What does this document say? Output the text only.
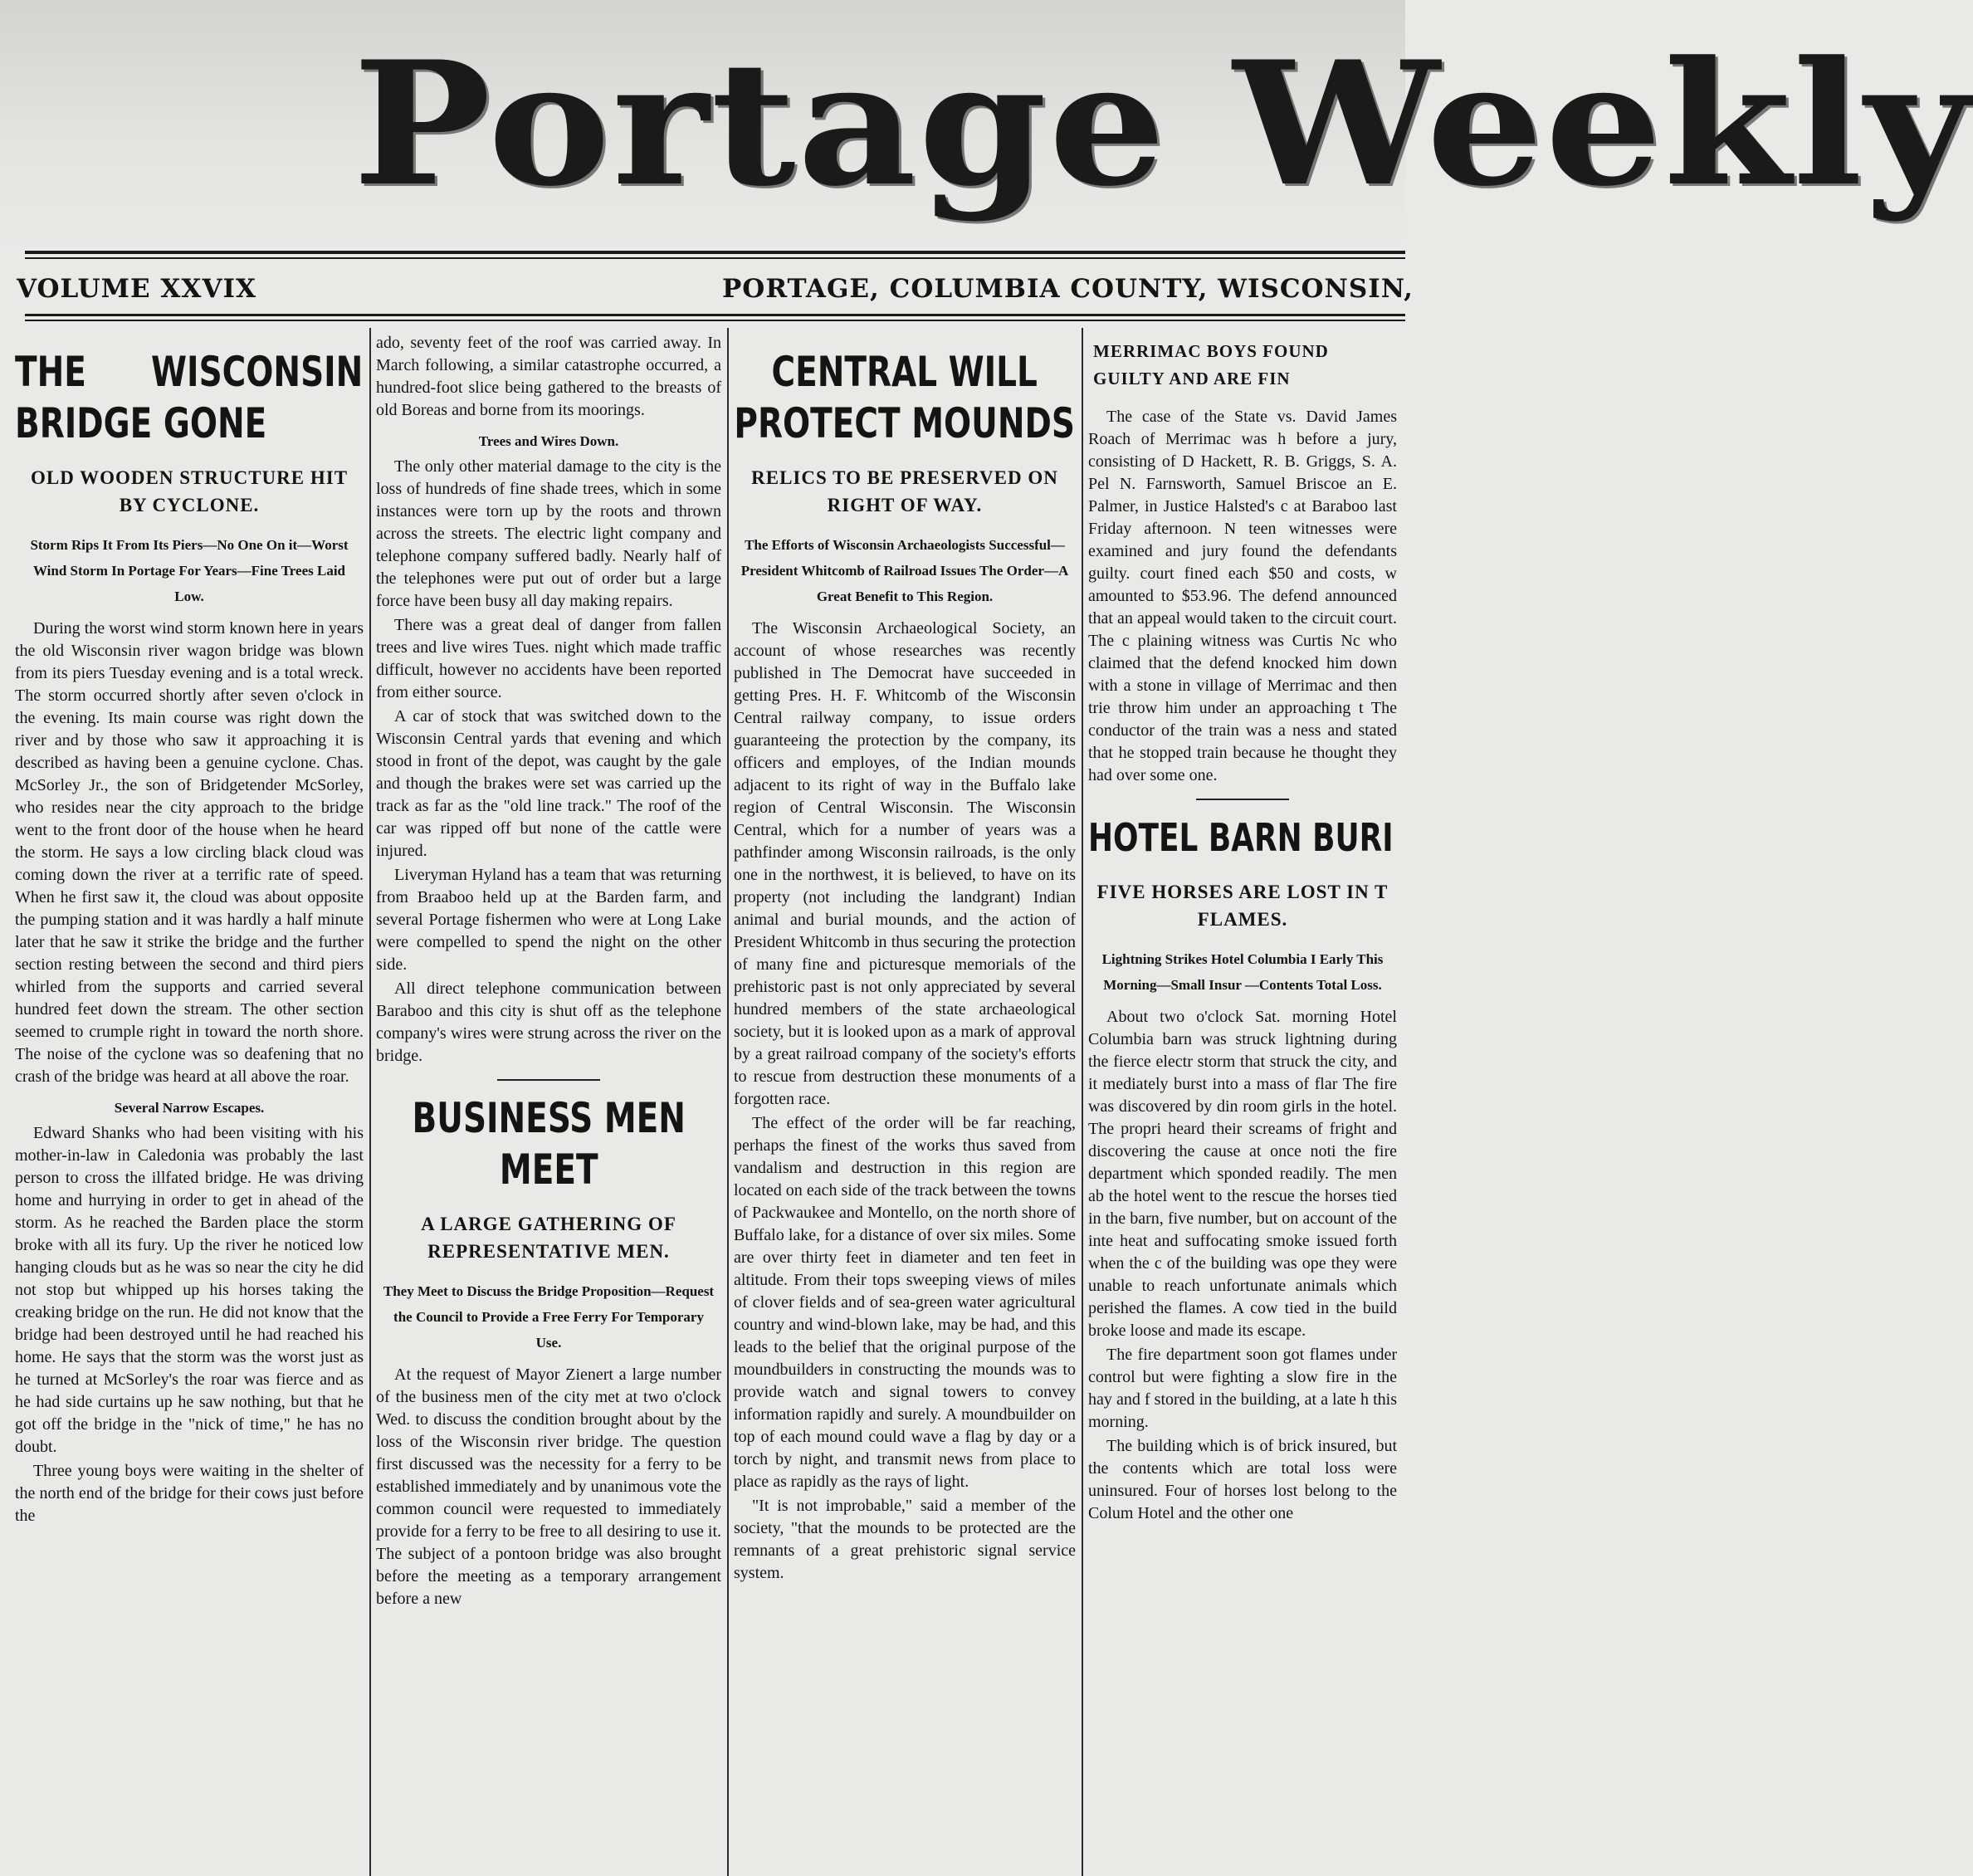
Portage Weekly
VOLUME XXVIX	PORTAGE, COLUMBIA COUNTY, WISCONSIN,
THE WISCONSIN BRIDGE GONE
OLD WOODEN STRUCTURE HIT BY CYCLONE.
Storm Rips It From Its Piers—No One On it—Worst Wind Storm In Portage For Years—Fine Trees Laid Low.

During the worst wind storm known here in years the old Wisconsin river wagon bridge was blown from its piers Tuesday evening and is a total wreck. The storm occurred shortly after seven o'clock in the evening. Its main course was right down the river and by those who saw it approaching it is described as having been a genuine cyclone. Chas. McSorley Jr., the son of Bridgetender McSorley, who resides near the city approach to the bridge went to the front door of the house when he heard the storm. He says a low circling black cloud was coming down the river at a terrific rate of speed. When he first saw it, the cloud was about opposite the pumping station and it was hardly a half minute later that he saw it strike the bridge and the further section resting between the second and third piers whirled from the supports and carried several hundred feet down the stream. The other section seemed to crumple right in toward the north shore. The noise of the cyclone was so deafening that no crash of the bridge was heard at all above the roar.

Several Narrow Escapes.

Edward Shanks who had been visiting with his mother-in-law in Caledonia was probably the last person to cross the illfated bridge. He was driving home and hurrying in order to get in ahead of the storm. As he reached the Barden place the storm broke with all its fury. Up the river he noticed low hanging clouds but as he was so near the city he did not stop but whipped up his horses taking the creaking bridge on the run. He did not know that the bridge had been destroyed until he had reached his home. He says that the storm was the worst just as he turned at McSorley's the roar was fierce and as he had side curtains up he saw nothing, but that he got off the bridge in the "nick of time," he has no doubt.

Three young boys were waiting in the shelter of the north end of the bridge for their cows just before the

ado, seventy feet of the roof was carried away. In March following, a similar catastrophe occurred, a hundred-foot slice being gathered to the breasts of old Boreas and borne from its moorings.

Trees and Wires Down.

The only other material damage to the city is the loss of hundreds of fine shade trees, which in some instances were torn up by the roots and thrown across the streets. The electric light company and telephone company suffered badly. Nearly half of the telephones were put out of order but a large force have been busy all day making repairs.

There was a great deal of danger from fallen trees and live wires Tues. night which made traffic difficult, however no accidents have been reported from either source.

A car of stock that was switched down to the Wisconsin Central yards that evening and which stood in front of the depot, was caught by the gale and though the brakes were set was carried up the track as far as the "old line track." The roof of the car was ripped off but none of the cattle were injured.

Liveryman Hyland has a team that was returning from Braaboo held up at the Barden farm, and several Portage fishermen who were at Long Lake were compelled to spend the night on the other side.

All direct telephone communication between Baraboo and this city is shut off as the telephone company's wires were strung across the river on the bridge.

BUSINESS MEN MEET
A LARGE GATHERING OF REPRESENTATIVE MEN.
They Meet to Discuss the Bridge Proposition—Request the Council to Provide a Free Ferry For Temporary Use.

At the request of Mayor Zienert a large number of the business men of the city met at two o'clock Wed. to discuss the condition brought about by the loss of the Wisconsin river bridge. The question first discussed was the necessity for a ferry to be established immediately and by unanimous vote the common council were requested to immediately provide for a ferry to be free to all desiring to use it. The subject of a pontoon bridge was also brought before the meeting as a temporary arrangement before a new

CENTRAL WILL PROTECT MOUNDS
RELICS TO BE PRESERVED ON RIGHT OF WAY.
The Efforts of Wisconsin Archaeologists Successful—President Whitcomb of Railroad Issues The Order—A Great Benefit to This Region.

The Wisconsin Archaeological Society, an account of whose researches was recently published in The Democrat have succeeded in getting Pres. H. F. Whitcomb of the Wisconsin Central railway company, to issue orders guaranteeing the protection by the company, its officers and employes, of the Indian mounds adjacent to its right of way in the Buffalo lake region of Central Wisconsin. The Wisconsin Central, which for a number of years was a pathfinder among Wisconsin railroads, is the only one in the northwest, it is believed, to have on its property (not including the landgrant) Indian animal and burial mounds, and the action of President Whitcomb in thus securing the protection of many fine and picturesque memorials of the prehistoric past is not only appreciated by several hundred members of the state archaeological society, but it is looked upon as a mark of approval by a great railroad company of the society's efforts to rescue from destruction these monuments of a forgotten race.

The effect of the order will be far reaching, perhaps the finest of the works thus saved from vandalism and destruction in this region are located on each side of the track between the towns of Packwaukee and Montello, on the north shore of Buffalo lake, for a distance of over six miles. Some are over thirty feet in diameter and ten feet in altitude. From their tops sweeping views of miles of clover fields and of sea-green water agricultural country and wind-blown lake, may be had, and this leads to the belief that the original purpose of the moundbuilders in constructing the mounds was to provide watch and signal towers to convey information rapidly and surely. A moundbuilder on top of each mound could wave a flag by day or a torch by night, and transmit news from place to place as rapidly as the rays of light.

"It is not improbable," said a member of the society, "that the mounds to be protected are the remnants of a great prehistoric signal service system.

MERRIMAC BOYS FOUND GUILTY AND ARE FIN

The case of the State vs. David James Roach of Merrimac was h before a jury, consisting of D Hackett, R. B. Griggs, S. A. Pel N. Farnsworth, Samuel Briscoe an E. Palmer, in Justice Halsted's c at Baraboo last Friday afternoon. N teen witnesses were examined and jury found the defendants guilty. court fined each $50 and costs, w amounted to $53.96. The defend announced that an appeal would taken to the circuit court. The c plaining witness was Curtis Nc who claimed that the defend knocked him down with a stone in village of Merrimac and then trie throw him under an approaching t The conductor of the train was a ness and stated that he stopped train because he thought they had over some one.

HOTEL BARN BURI
FIVE HORSES ARE LOST IN T FLAMES.
Lightning Strikes Hotel Columbia I Early This Morning—Small Insur —Contents Total Loss.

About two o'clock Sat. morning Hotel Columbia barn was struck lightning during the fierce electr storm that struck the city, and it mediately burst into a mass of flar The fire was discovered by din room girls in the hotel. The propri heard their screams of fright and discovering the cause at once noti the fire department which sponded readily. The men ab the hotel went to the rescue the horses tied in the barn, five number, but on account of the inte heat and suffocating smoke issued forth when the c of the building was ope they were unable to reach unfortunate animals which perished the flames. A cow tied in the build broke loose and made its escape.

The fire department soon got flames under control but were fighting a slow fire in the hay and f stored in the building, at a late h this morning.

The building which is of brick insured, but the contents which are total loss were uninsured. Four of horses lost belong to the Colum Hotel and the other one
